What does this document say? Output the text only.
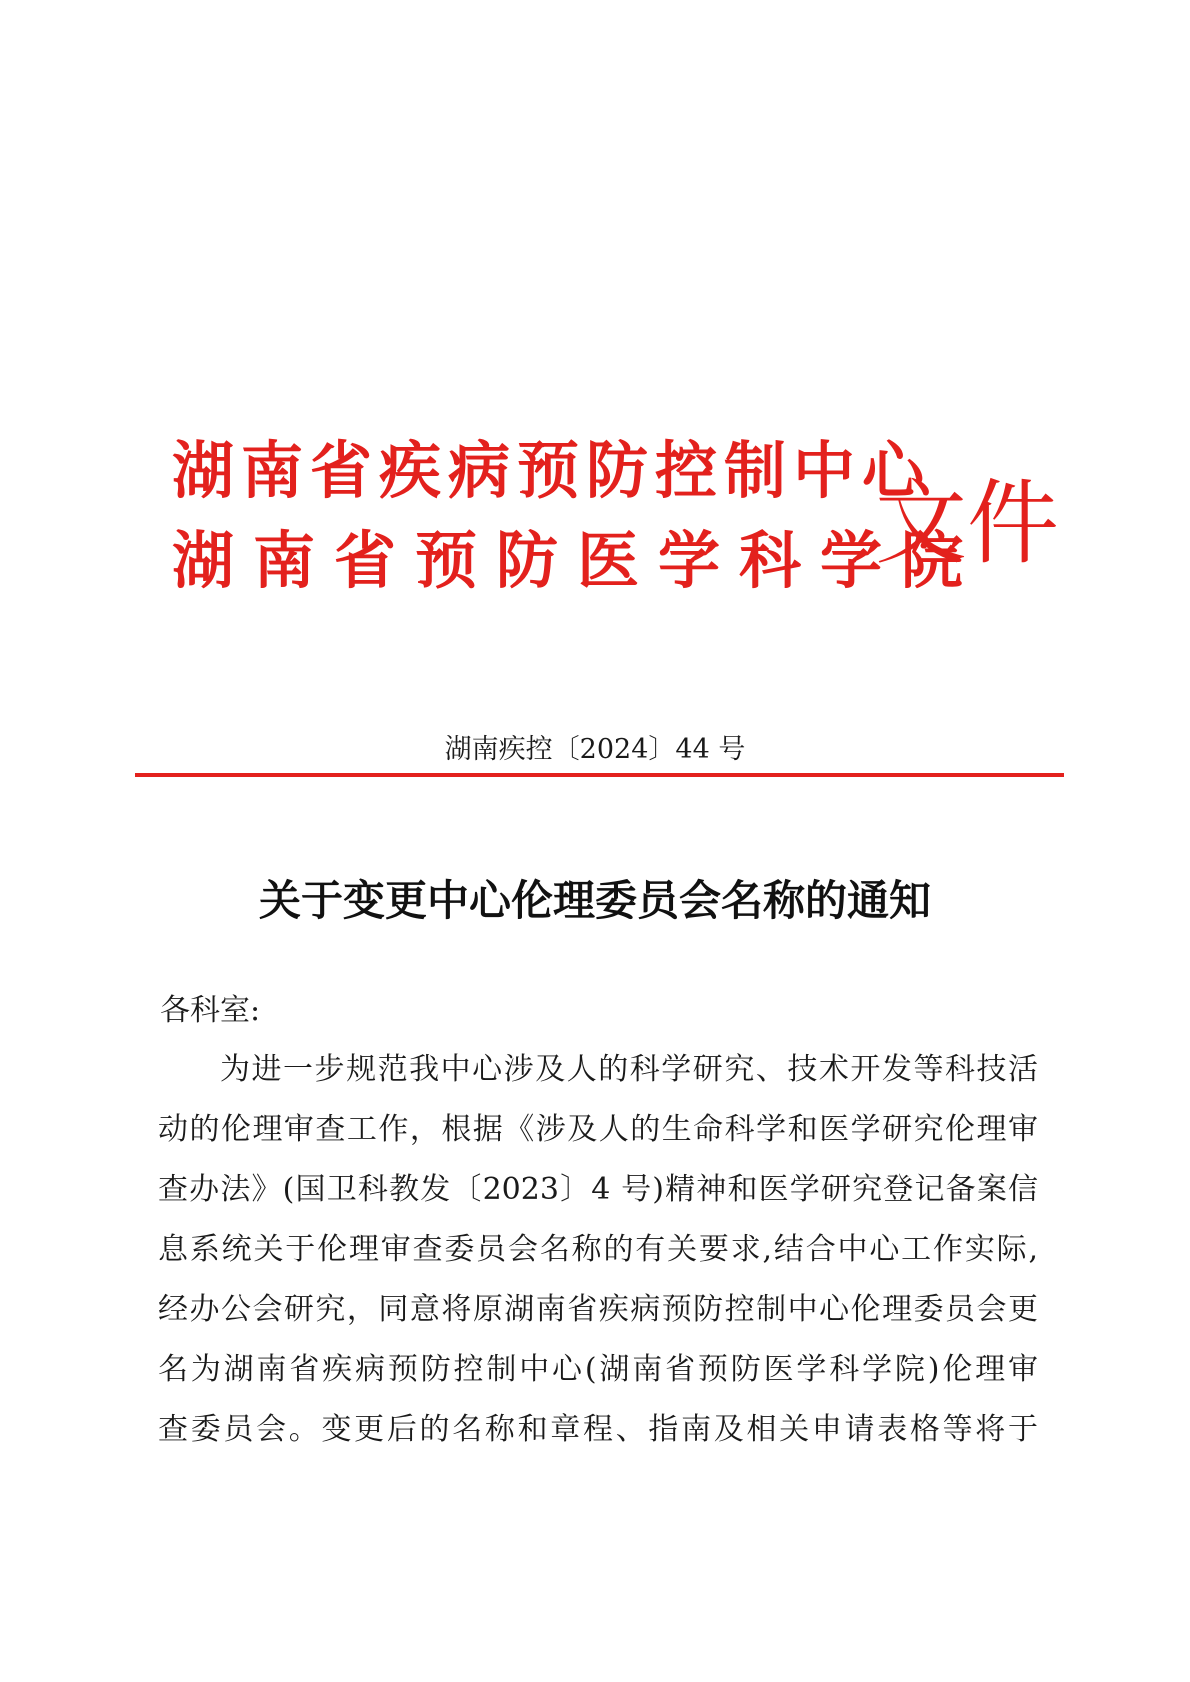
湖南省疾病预防控制中心
湖南省预防医学科学院
文件
湖南疾控〔2024〕44 号
关于变更中心伦理委员会名称的通知
各科室:
为进一步规范我中心涉及人的科学研究、技术开发等科技活
动的伦理审查工作，根据《涉及人的生命科学和医学研究伦理审
查办法》(国卫科教发〔2023〕4 号)精神和医学研究登记备案信
息系统关于伦理审查委员会名称的有关要求,结合中心工作实际,
经办公会研究，同意将原湖南省疾病预防控制中心伦理委员会更
名为湖南省疾病预防控制中心(湖南省预防医学科学院)伦理审
查委员会。变更后的名称和章程、指南及相关申请表格等将于
